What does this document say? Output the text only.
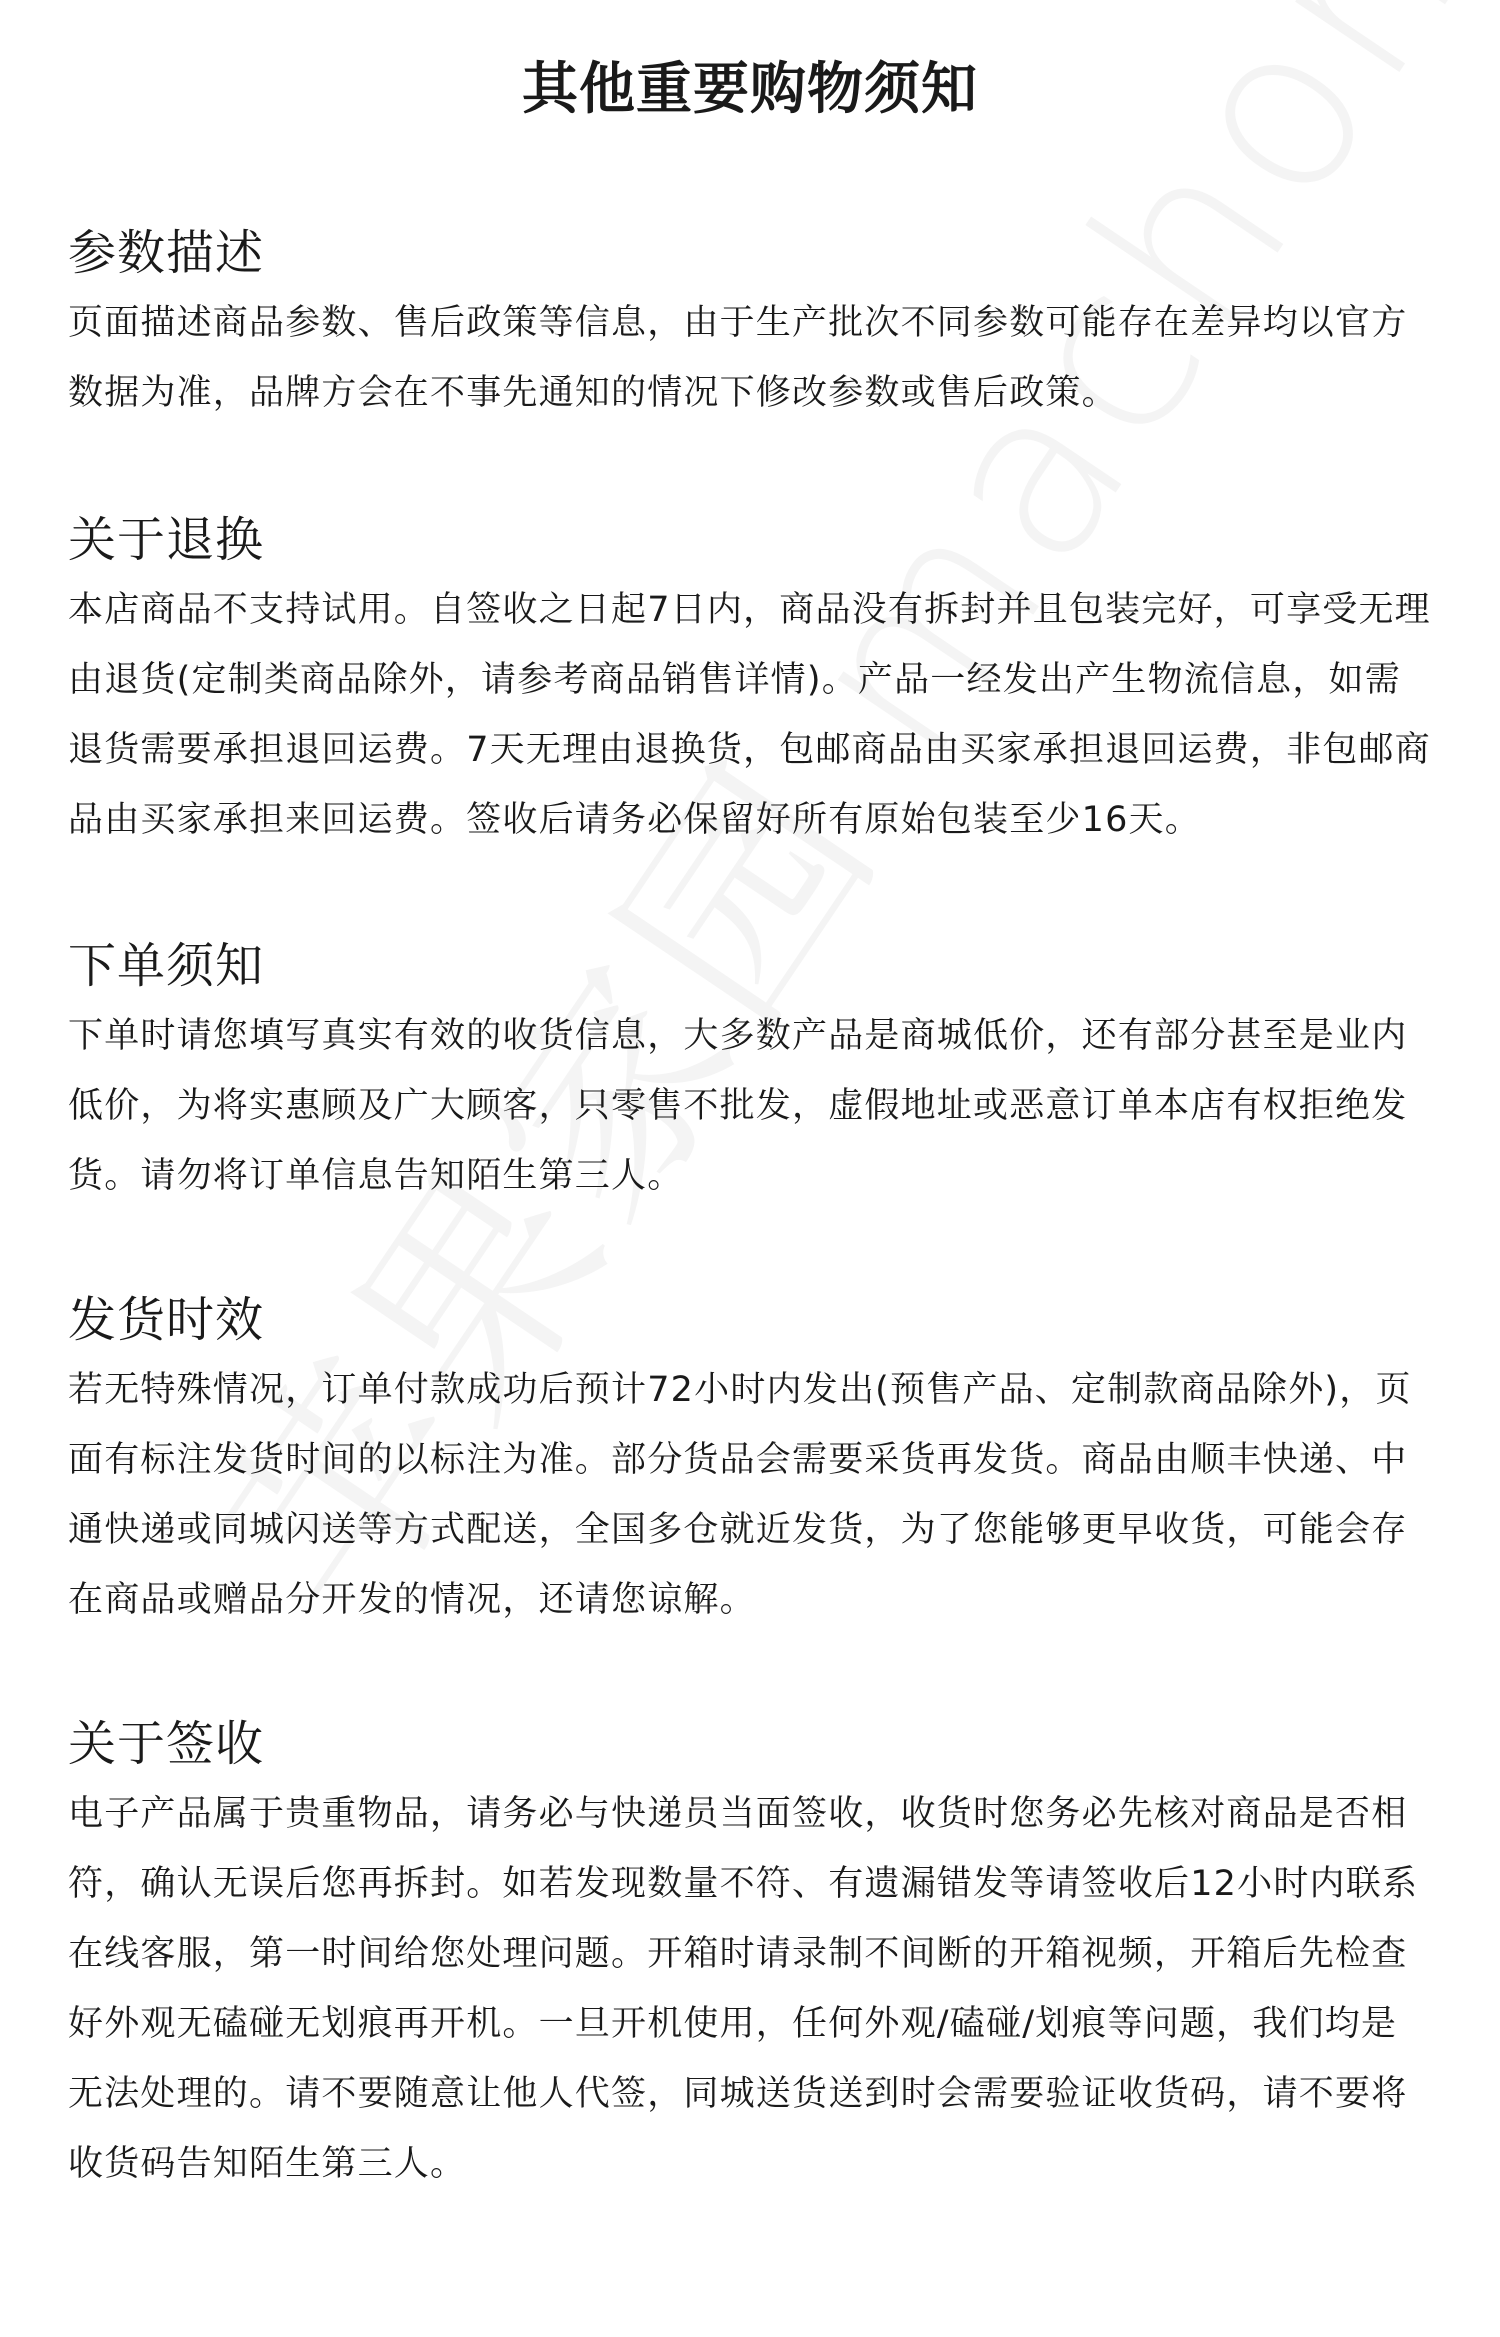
其他重要购物须知
参数描述

页面描述商品参数、售后政策等信息，由于生产批次不同参数可能存在差异均以官方数据为准，品牌方会在不事先通知的情况下修改参数或售后政策。

关于退换

本店商品不支持试用。自签收之日起7日内，商品没有拆封并且包装完好，可享受无理由退货(定制类商品除外，请参考商品销售详情)。产品一经发出产生物流信息，如需退货需要承担退回运费。7天无理由退换货，包邮商品由买家承担退回运费，非包邮商品由买家承担来回运费。签收后请务必保留好所有原始包装至少16天。

下单须知

下单时请您填写真实有效的收货信息，大多数产品是商城低价，还有部分甚至是业内低价，为将实惠顾及广大顾客，只零售不批发，虚假地址或恶意订单本店有权拒绝发货。请勿将订单信息告知陌生第三人。

发货时效

若无特殊情况，订单付款成功后预计72小时内发出(预售产品、定制款商品除外)，页面有标注发货时间的以标注为准。部分货品会需要采货再发货。商品由顺丰快递、中通快递或同城闪送等方式配送，全国多仓就近发货，为了您能够更早收货，可能会存在商品或赠品分开发的情况，还请您谅解。

关于签收

电子产品属于贵重物品，请务必与快递员当面签收，收货时您务必先核对商品是否相符，确认无误后您再拆封。如若发现数量不符、有遗漏错发等请签收后12小时内联系在线客服，第一时间给您处理问题。开箱时请录制不间断的开箱视频，开箱后先检查好外观无磕碰无划痕再开机。一旦开机使用，任何外观/磕碰/划痕等问题，我们均是无法处理的。请不要随意让他人代签，同城送货送到时会需要验证收货码，请不要将收货码告知陌生第三人。
